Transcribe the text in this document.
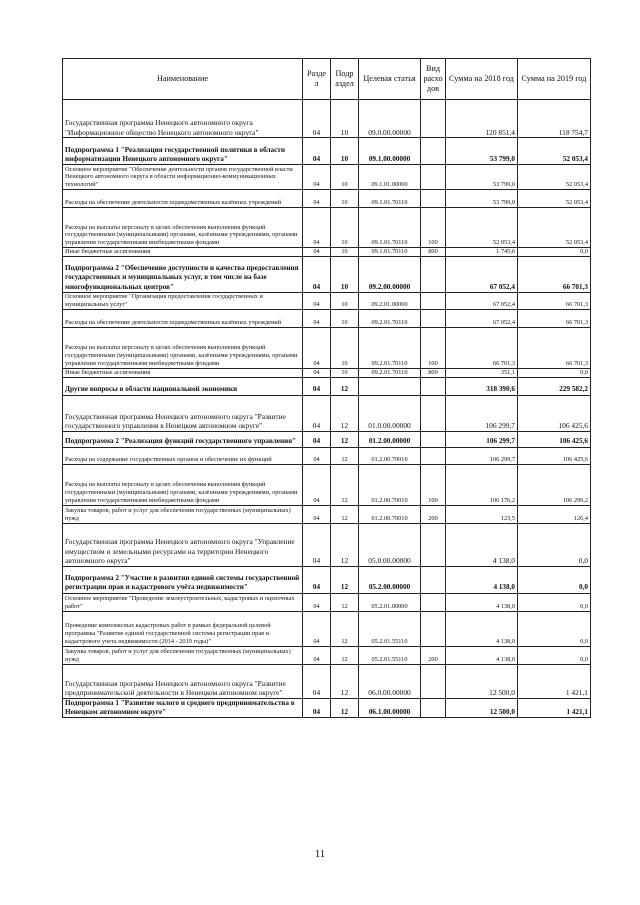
Наименование	Разде л	Подр аздел	Целевая статья	Вид расхо дов	Сумма на 2018 год	Сумма на 2019 год
Государственная программа Ненецкого автономного округа "Информационное общество Ненецкого автономного округа"	04	10	09.0.00.00000		120 851,4	118 754,7
Подпрограмма 1 "Реализация государственной политики в области информатизации Ненецкого автономного округа"	04	10	09.1.00.00000		53 799,0	52 053,4
Основное мероприятие "Обеспечение деятельности органов государственной власти Ненецкого автономного округа в области информационно-коммуникационных технологий"	04	10	09.1.01.00000		53 799,0	52 053,4
Расходы на обеспечение деятельности подведомственных казённых учреждений	04	10	09.1.01.70110		53 799,0	52 053,4
Расходы на выплаты персоналу в целях обеспечения выполнения функций государственными (муниципальными) органами, казёнными учреждениями, органами управления государственными внебюджетными фондами	04	10	09.1.01.70110	100	52 053,4	52 053,4
Иные бюджетные ассигнования	04	10	09.1.01.70110	800	1 745,6	0,0
Подпрограмма 2 "Обеспечение доступности и качества предоставления государственных и муниципальных услуг, в том числе на базе многофункциональных центров"	04	10	09.2.00.00000		67 052,4	66 701,3
Основное мероприятие "Организация предоставления государственных и муниципальных услуг"	04	10	09.2.01.00000		67 052,4	66 701,3
Расходы на обеспечение деятельности подведомственных казённых учреждений	04	10	09.2.01.70110		67 052,4	66 701,3
Расходы на выплаты персоналу в целях обеспечения выполнения функций государственными (муниципальными) органами, казёнными учреждениями, органами управления государственными внебюджетными фондами	04	10	09.2.01.70110	100	66 701,3	66 701,3
Иные бюджетные ассигнования	04	10	09.2.01.70110	800	351,1	0,0
Другие вопросы в области национальной экономики	04	12			318 390,6	229 582,2
Государственная программа Ненецкого автономного округа "Развитие государственного управления в Ненецком автономном округе"	04	12	01.0.00.00000		106 299,7	106 425,6
Подпрограмма 2 "Реализация функций государственного управления"	04	12	01.2.00.00000		106 299,7	106 425,6
Расходы на содержание государственных органов и обеспечение их функций	04	12	01.2.00.70010		106 299,7	106 425,6
Расходы на выплаты персоналу в целях обеспечения выполнения функций государственными (муниципальными) органами, казёнными учреждениями, органами управления государственными внебюджетными фондами	04	12	01.2.00.70010	100	106 176,2	106 299,2
Закупка товаров, работ и услуг для обеспечения государственных (муниципальных) нужд	04	12	01.2.00.70010	200	123,5	126,4
Государственная программа Ненецкого автономного округа "Управление имуществом и земельными ресурсами на территории Ненецкого автономного округа"	04	12	05.0.00.00000		4 138,0	0,0
Подпрограмма 2 "Участие в развитии единой системы государственной регистрации прав и кадастрового учёта недвижимости"	04	12	05.2.00.00000		4 138,0	0,0
Основное мероприятие "Проведение землеустроительных, кадастровых и оценочных работ"	04	12	05.2.01.00000		4 138,0	0,0
Проведение комплексных кадастровых работ в рамках федеральной целевой программы "Развитие единой государственной системы регистрации прав и кадастрового учета недвижимости (2014 - 2019 годы)"	04	12	05.2.01.55110		4 138,0	0,0
Закупка товаров, работ и услуг для обеспечения государственных (муниципальных) нужд	04	12	05.2.01.55110	200	4 138,0	0,0
Государственная программа Ненецкого автономного округа "Развитие предпринимательской деятельности в Ненецком автономном округе"	04	12	06.0.00.00000		12 500,0	1 421,1
Подпрограмма 1 "Развитие малого и среднего предпринимательства в Ненецком автономном округе"	04	12	06.1.00.00000		12 500,0	1 421,1
11
